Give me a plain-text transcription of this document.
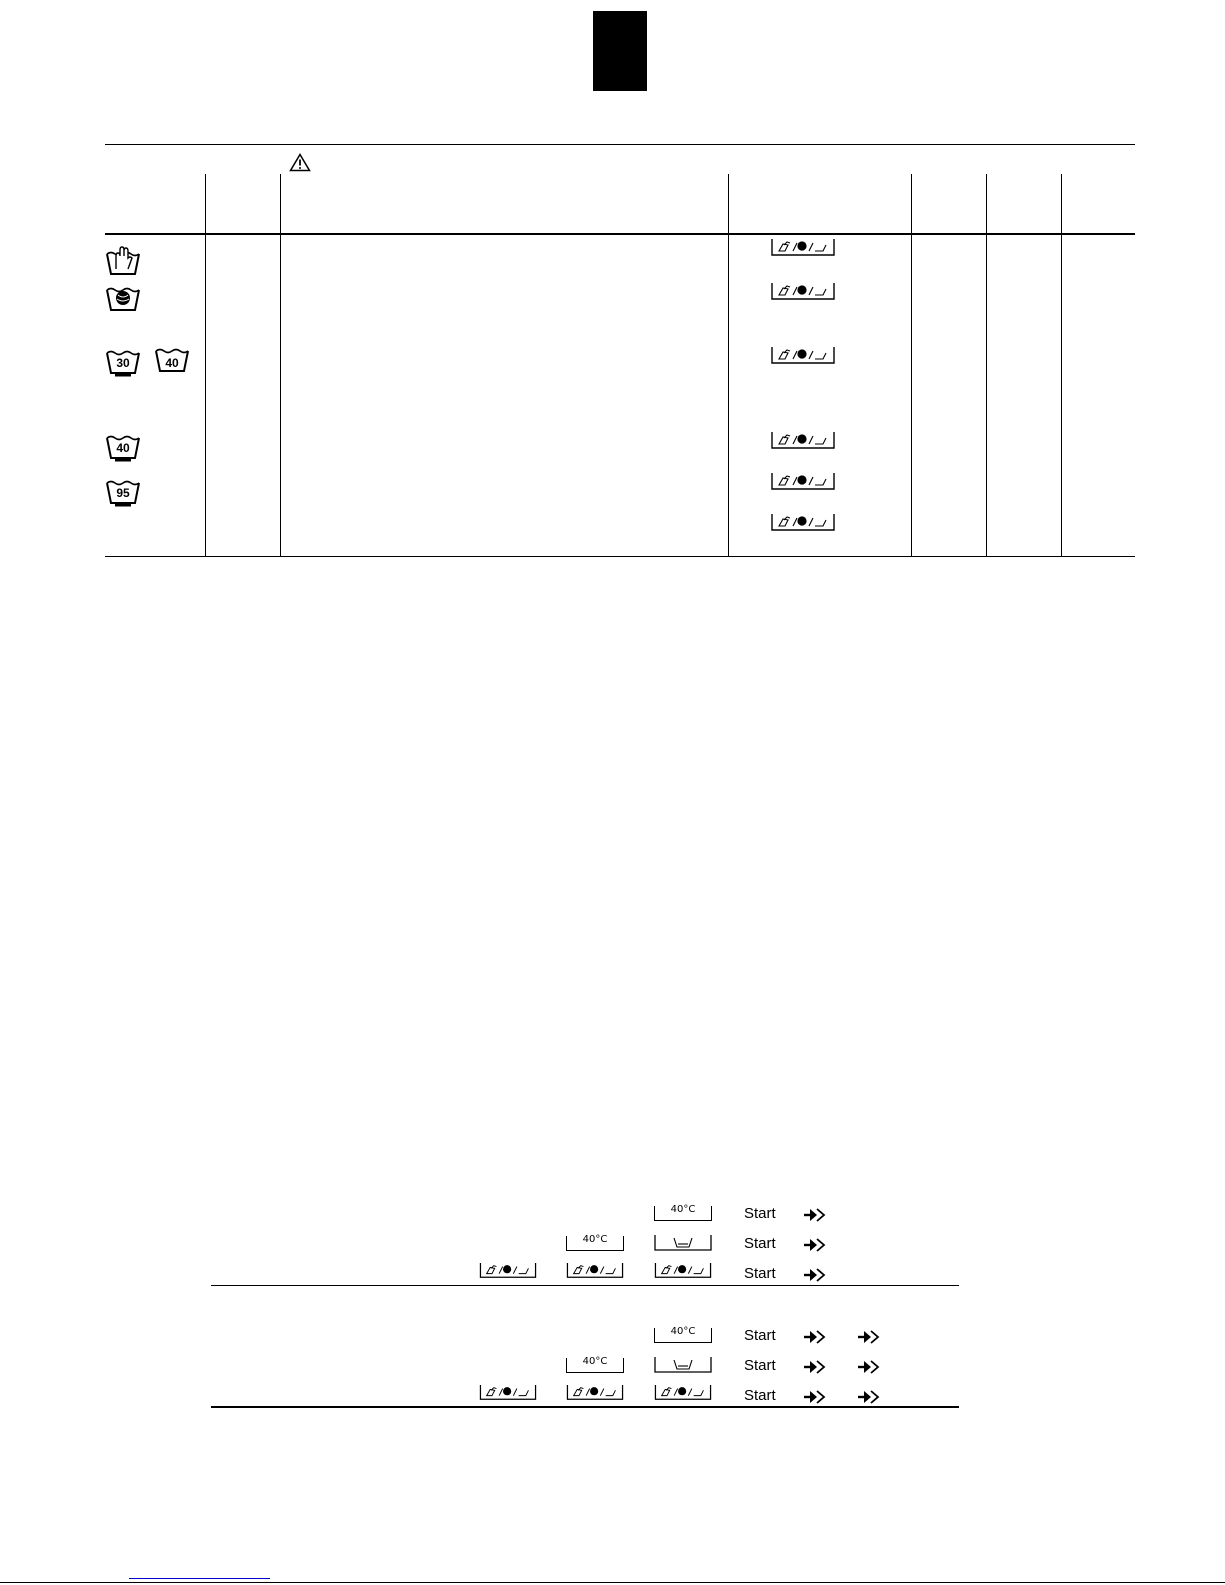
30	40
40
95
40°C	Start
40°C	Start
Start
40°C	Start
40°C	Start
Start
